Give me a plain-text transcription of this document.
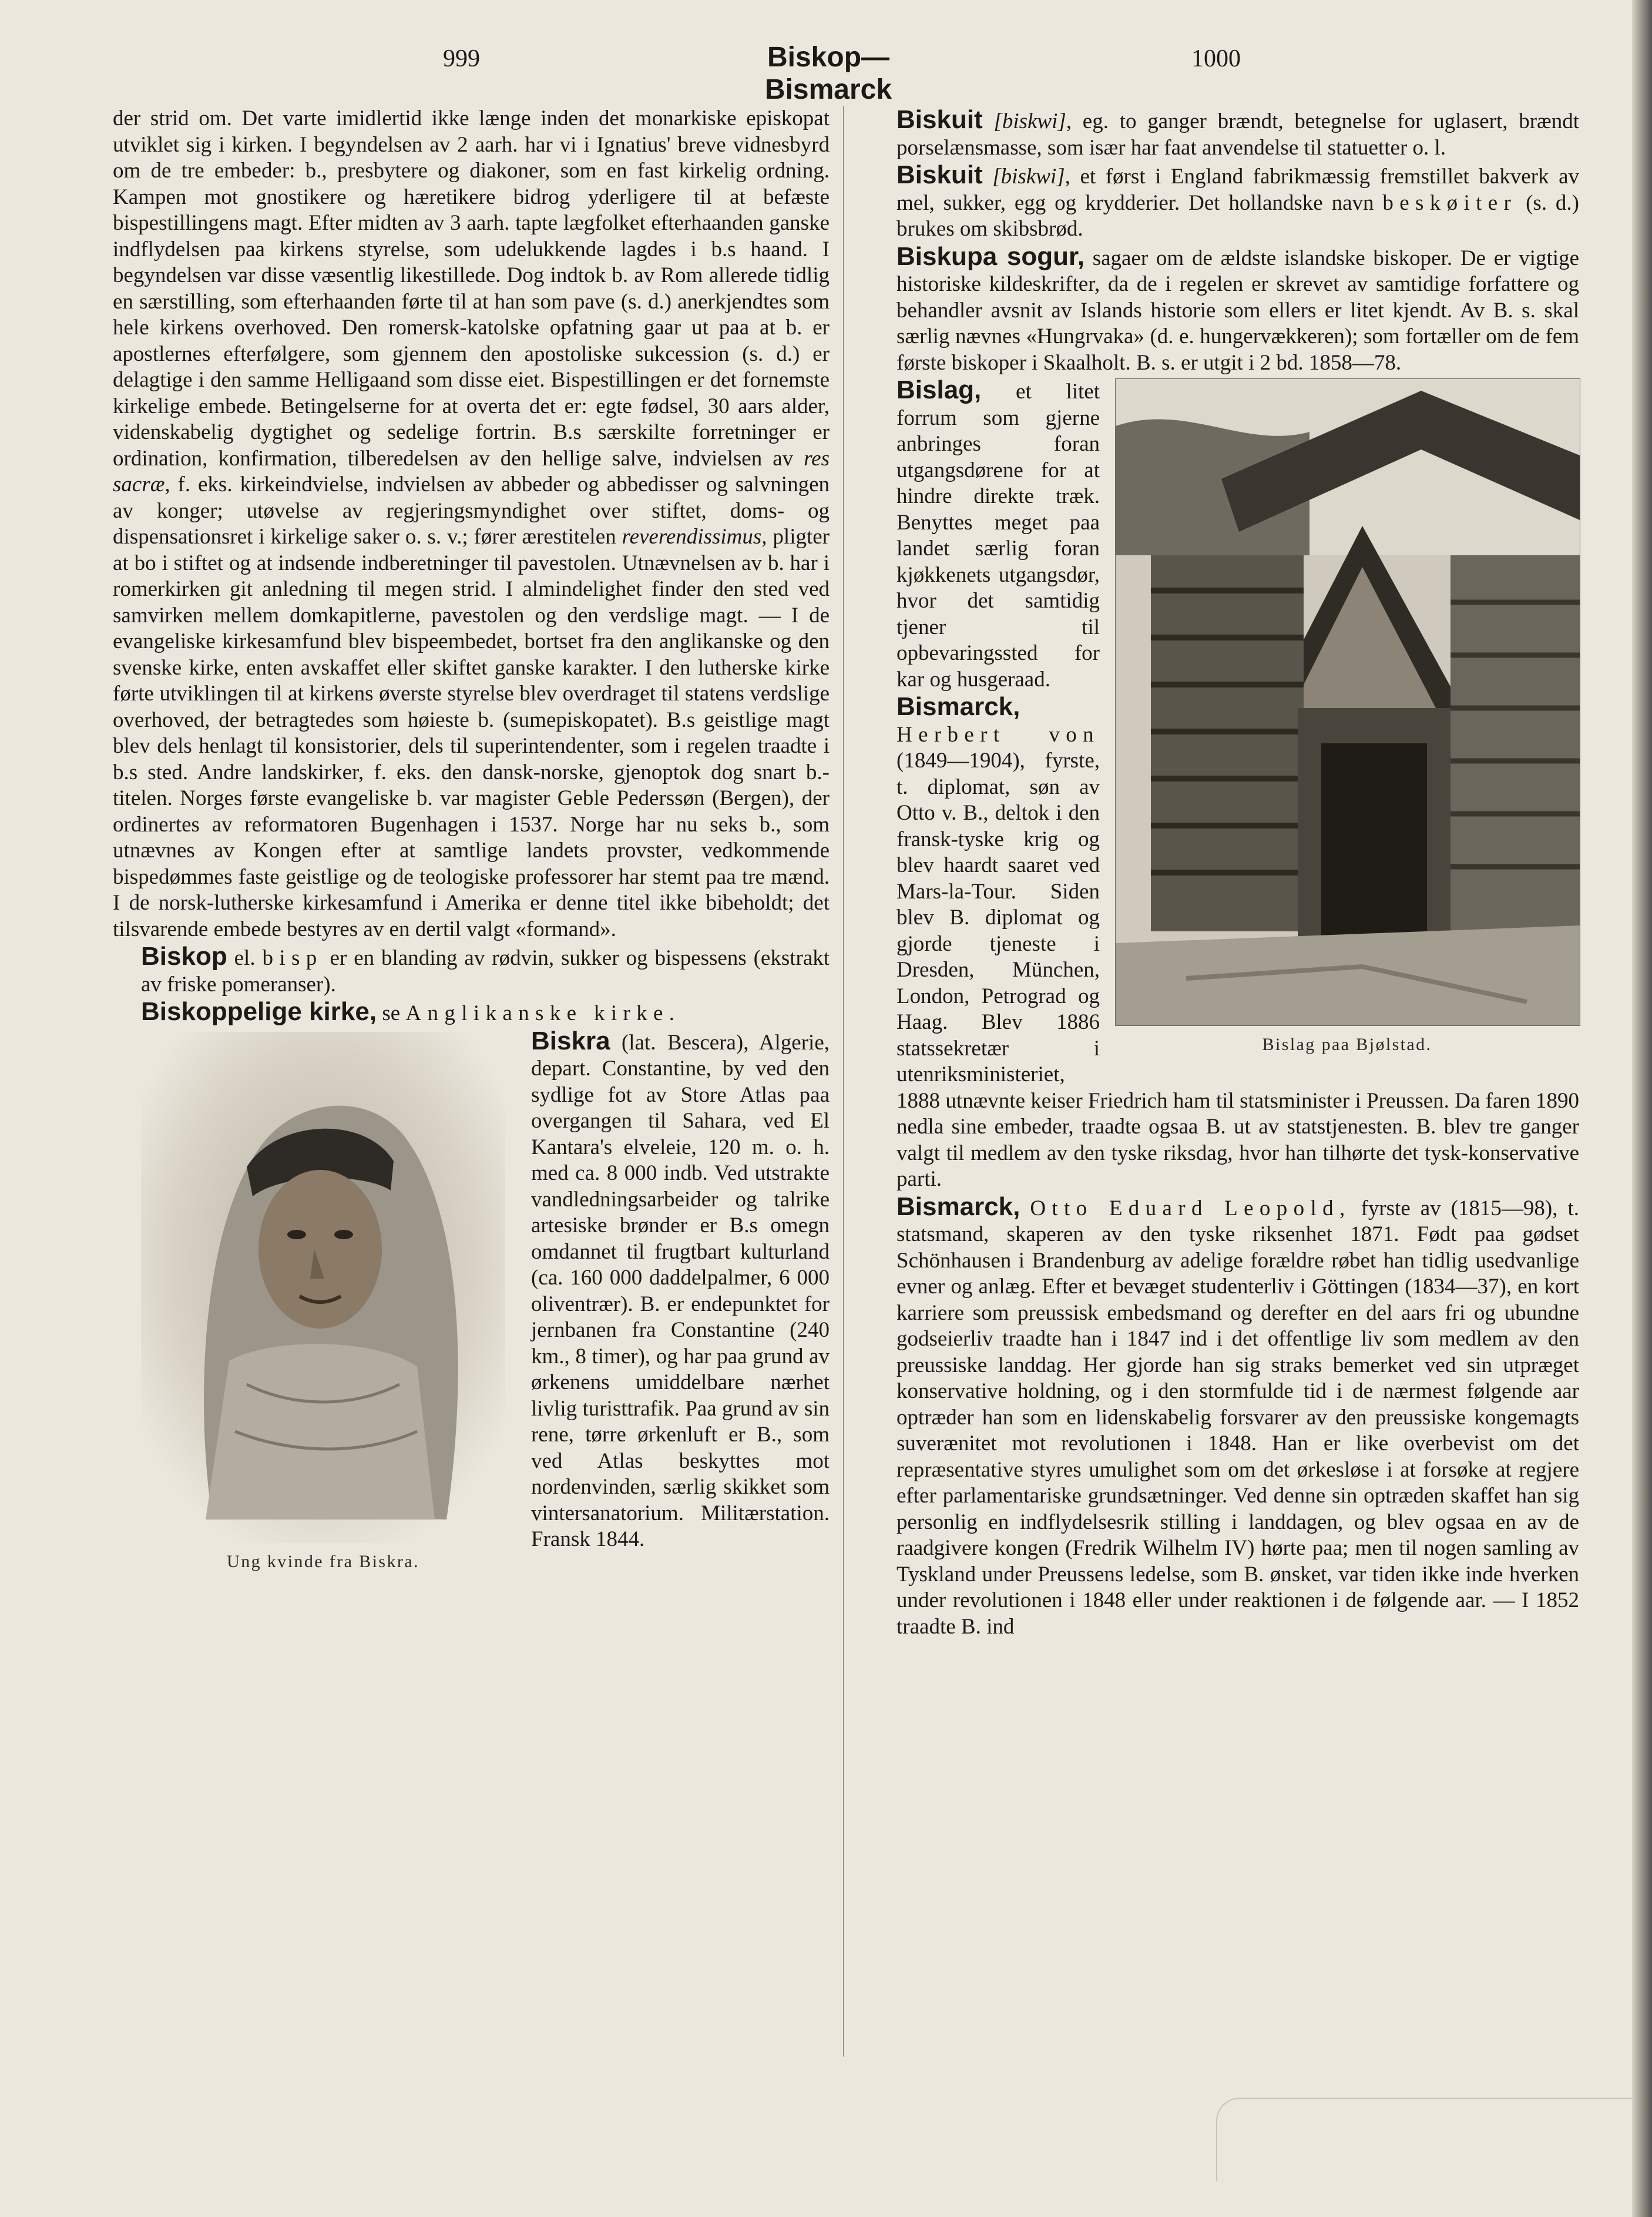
999	Biskop—Bismarck
1000

der strid om. Det varte imidlertid ikke længe inden det monarkiske episkopat utviklet sig i kirken. I begyndelsen av 2 aarh. har vi i Ignatius' breve vidnesbyrd om de tre embeder: b., presbytere og diakoner, som en fast kirkelig ordning. Kampen mot gnostikere og hæretikere bidrog yderligere til at befæste bispestillingens magt. Efter midten av 3 aarh. tapte lægfolket efterhaanden ganske indflydelsen paa kirkens styrelse, som udelukkende lagdes i b.s haand. I begyndelsen var disse væsentlig likestillede. Dog indtok b. av Rom allerede tidlig en særstilling, som efterhaanden førte til at han som pave (s. d.) anerkjendtes som hele kirkens overhoved. Den romersk-katolske opfatning gaar ut paa at b. er apostlernes efterfølgere, som gjennem den apostoliske sukcession (s. d.) er delagtige i den samme Helligaand som disse eiet. Bispestillingen er det fornemste kirkelige embede. Betingelserne for at overta det er: egte fødsel, 30 aars alder, videnskabelig dygtighet og sedelige fortrin. B.s særskilte forretninger er ordination, konfirmation, tilberedelsen av den hellige salve, indvielsen av res sacræ, f. eks. kirkeindvielse, indvielsen av abbeder og abbedisser og salvningen av konger; utøvelse av regjeringsmyndighet over stiftet, doms- og dispensationsret i kirkelige saker o. s. v.; fører ærestitelen reverendissimus, pligter at bo i stiftet og at indsende indberetninger til pavestolen. Utnævnelsen av b. har i romerkirken git anledning til megen strid. I almindelighet finder den sted ved samvirken mellem domkapitlerne, pavestolen og den verdslige magt. — I de evangeliske kirkesamfund blev bispeembedet, bortset fra den anglikanske og den svenske kirke, enten avskaffet eller skiftet ganske karakter. I den lutherske kirke førte utviklingen til at kirkens øverste styrelse blev overdraget til statens verdslige overhoved, der betragtedes som høieste b. (sumepiskopatet). B.s geistlige magt blev dels henlagt til konsistorier, dels til superintendenter, som i regelen traadte i b.s sted. Andre landskirker, f. eks. den dansk-norske, gjenoptok dog snart b.-titelen. Norges første evangeliske b. var magister Geble Pederssøn (Bergen), der ordinertes av reformatoren Bugenhagen i 1537. Norge har nu seks b., som utnævnes av Kongen efter at samtlige landets provster, vedkommende bispedømmes faste geistlige og de teologiske professorer har stemt paa tre mænd. I de norsk-lutherske kirkesamfund i Amerika er denne titel ikke bibeholdt; det tilsvarende embede bestyres av en dertil valgt «formand».

Biskop el. bisp er en blanding av rødvin, sukker og bispessens (ekstrakt av friske pomeranser).

Biskoppelige kirke, se Anglikanske kirke.

Ung kvinde fra Biskra.
Biskra (lat. Bescera), Algerie, depart. Constantine, by ved den sydlige fot av Store Atlas paa overgangen til Sahara, ved El Kantara's elveleie, 120 m. o. h. med ca. 8 000 indb. Ved utstrakte vandledningsarbeider og talrike artesiske brønder er B.s omegn omdannet til frugtbart kulturland (ca. 160 000 daddelpalmer, 6 000 oliventrær). B. er endepunktet for jernbanen fra Constantine (240 km., 8 timer), og har paa grund av ørkenens umiddelbare nærhet livlig turisttrafik. Paa grund av sin rene, tørre ørkenluft er B., som ved Atlas beskyttes mot nordenvinden, særlig skikket som vintersanatorium. Militærstation. Fransk 1844.

Biskuit [biskwi], eg. to ganger brændt, betegnelse for uglasert, brændt porselænsmasse, som især har faat anvendelse til statuetter o. l.

Biskuit [biskwi], et først i England fabrikmæssig fremstillet bakverk av mel, sukker, egg og krydderier. Det hollandske navn beskøiter (s. d.) brukes om skibsbrød.

Biskupa sogur, sagaer om de ældste islandske biskoper. De er vigtige historiske kildeskrifter, da de i regelen er skrevet av samtidige forfattere og behandler avsnit av Islands historie som ellers er litet kjendt. Av B. s. skal særlig nævnes «Hungrvaka» (d. e. hungervækkeren); som fortæller om de fem første biskoper i Skaalholt. B. s. er utgit i 2 bd. 1858—78.

Bislag paa Bjølstad.
Bislag, et litet forrum som gjerne anbringes foran utgangsdørene for at hindre direkte træk. Benyttes meget paa landet særlig foran kjøkkenets utgangsdør, hvor det samtidig tjener til opbevaringssted for kar og husgeraad.

Bismarck, Herbert von (1849—1904), fyrste, t. diplomat, søn av Otto v. B., deltok i den fransk-tyske krig og blev haardt saaret ved Mars-la-Tour. Siden blev B. diplomat og gjorde tjeneste i Dresden, München, London, Petrograd og Haag. Blev 1886 statssekretær i utenriksministeriet, 1888 utnævnte keiser Friedrich ham til statsminister i Preussen. Da faren 1890 nedla sine embeder, traadte ogsaa B. ut av statstjenesten. B. blev tre ganger valgt til medlem av den tyske riksdag, hvor han tilhørte det tysk-konservative parti.

Bismarck, Otto Eduard Leopold, fyrste av (1815—98), t. statsmand, skaperen av den tyske riksenhet 1871. Født paa gødset Schönhausen i Brandenburg av adelige forældre røbet han tidlig usedvanlige evner og anlæg. Efter et bevæget studenterliv i Göttingen (1834—37), en kort karriere som preussisk embedsmand og derefter en del aars fri og ubundne godseierliv traadte han i 1847 ind i det offentlige liv som medlem av den preussiske landdag. Her gjorde han sig straks bemerket ved sin utpræget konservative holdning, og i den stormfulde tid i de nærmest følgende aar optræder han som en lidenskabelig forsvarer av den preussiske kongemagts suverænitet mot revolutionen i 1848. Han er like overbevist om det repræsentative styres umulighet som om det ørkesløse i at forsøke at regjere efter parlamentariske grundsætninger. Ved denne sin optræden skaffet han sig personlig en indflydelsesrik stilling i landdagen, og blev ogsaa en av de raadgivere kongen (Fredrik Wilhelm IV) hørte paa; men til nogen samling av Tyskland under Preussens ledelse, som B. ønsket, var tiden ikke inde hverken under revolutionen i 1848 eller under reaktionen i de følgende aar. — I 1852 traadte B. ind
